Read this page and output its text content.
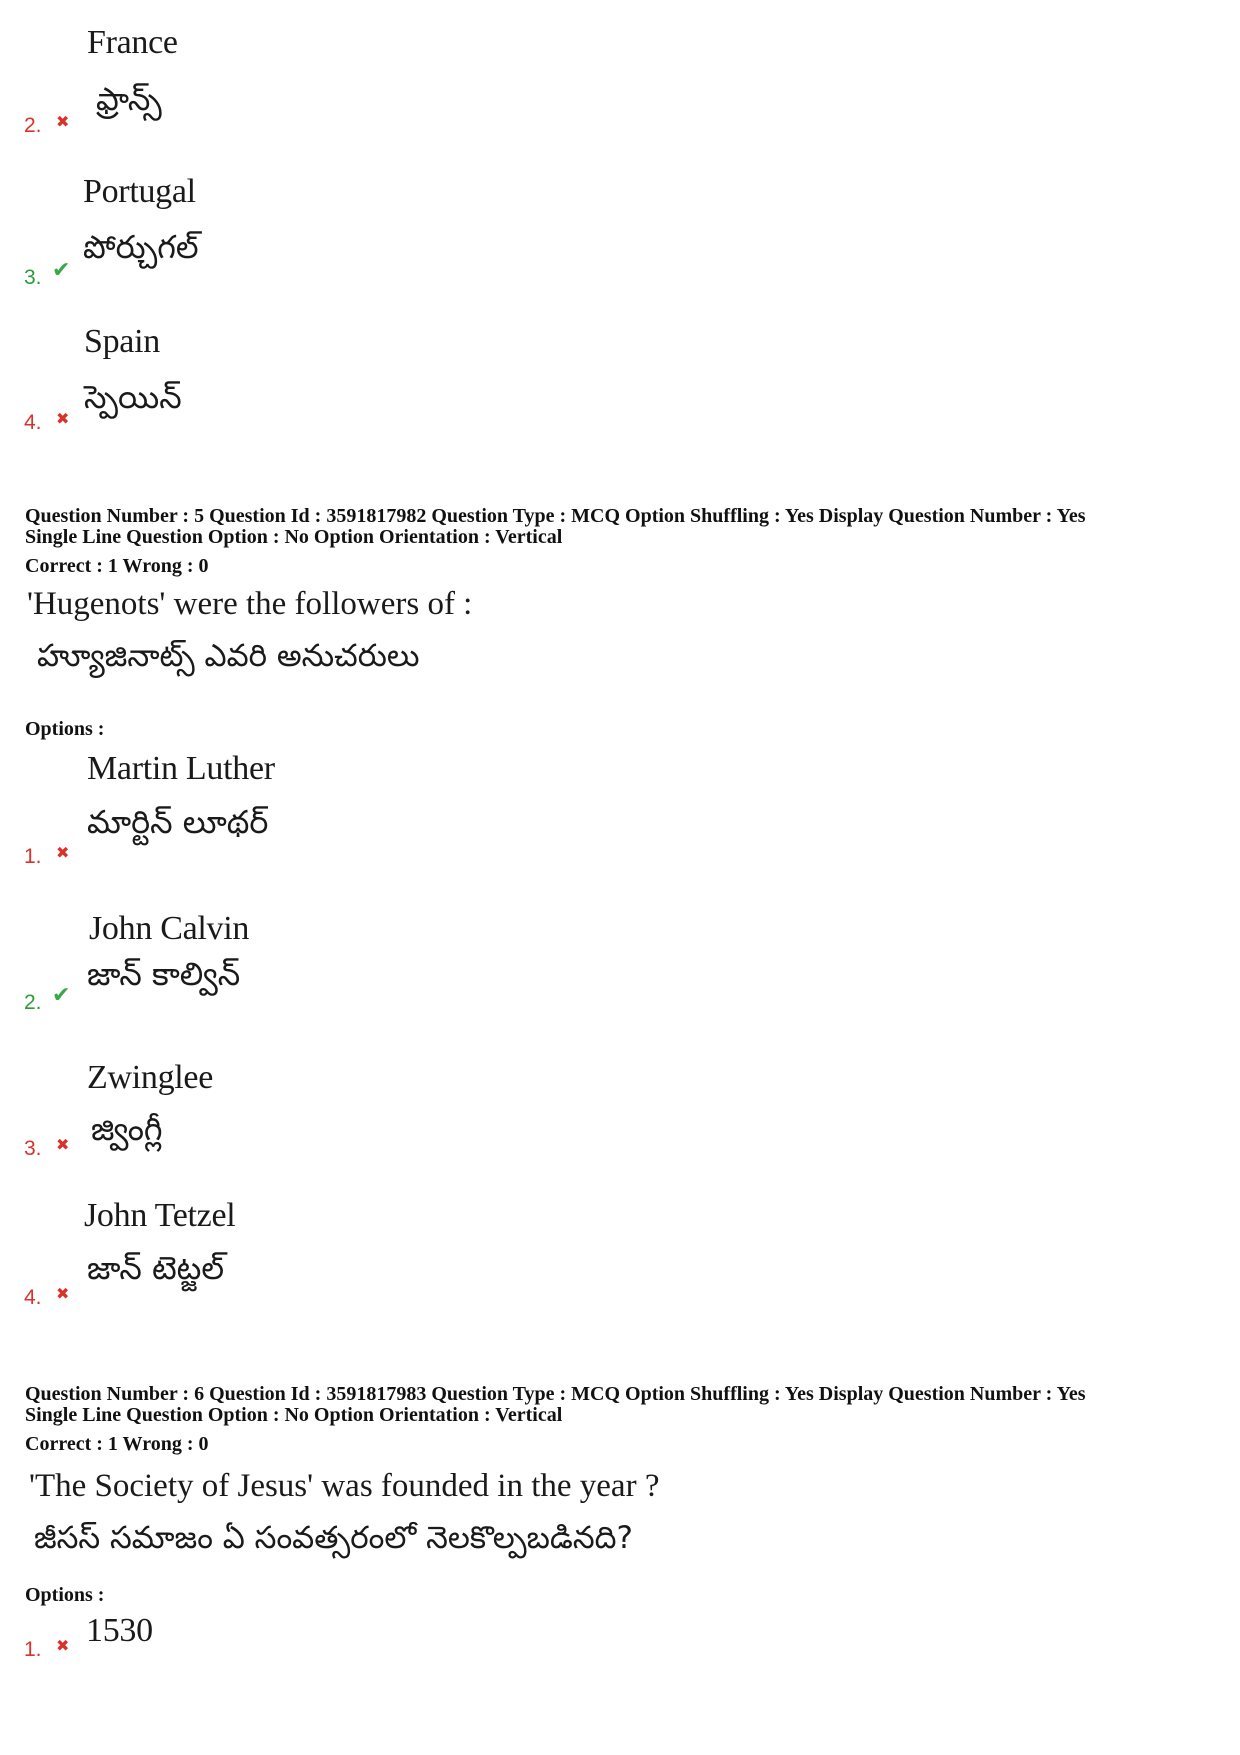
France
ఫ్రాన్స్
2. ✖
Portugal
పోర్చుగల్
3. ✔
Spain
స్పెయిన్
4. ✖
Question Number : 5 Question Id : 3591817982 Question Type : MCQ Option Shuffling : Yes Display Question Number : Yes
Single Line Question Option : No Option Orientation : Vertical
Correct : 1 Wrong : 0
'Hugenots' were the followers of :
హ్యూజినాట్స్ ఎవరి అనుచరులు
Options :
Martin Luther
మార్టిన్ లూథర్
1. ✖
John Calvin
జాన్ కాల్విన్
2. ✔
Zwinglee
జ్వింగ్లీ
3. ✖
John Tetzel
జాన్ టెట్జల్
4. ✖
Question Number : 6 Question Id : 3591817983 Question Type : MCQ Option Shuffling : Yes Display Question Number : Yes
Single Line Question Option : No Option Orientation : Vertical
Correct : 1 Wrong : 0
'The Society of Jesus' was founded in the year ?
జీసస్ సమాజం ఏ సంవత్సరంలో నెలకొల్పబడినది?
Options :
1530
1. ✖
